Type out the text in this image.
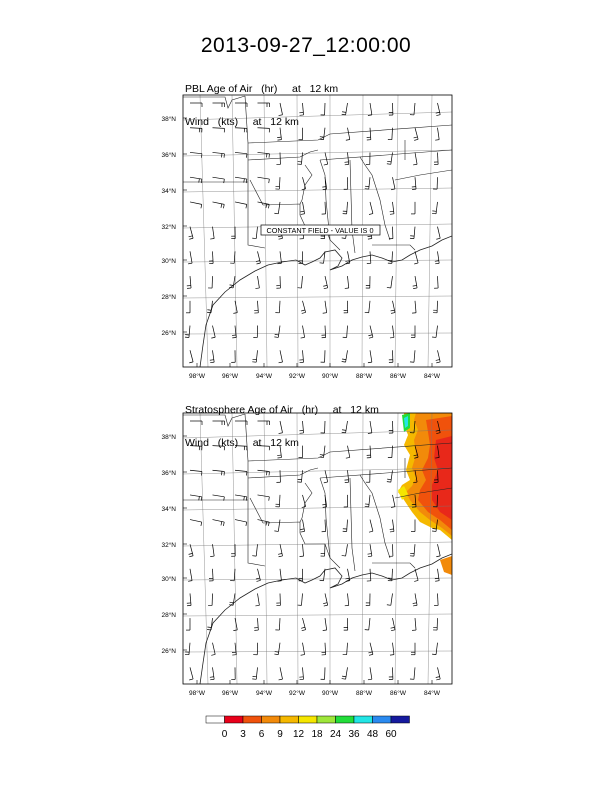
2013-09-27_12:00:00

PBL Age of Air (hr) at 12 km

Wind (kts) at 12 km

Stratosphere Age of Air (hr) at 12 km

Wind (kts) at 12 km

CONSTANT FIELD - VALUE IS 0
38°N
36°N
34°N
32°N
30°N
28°N
26°N
98°W	96°W	94°W	92°W	90°W	88°W	86°W	84°W
38°N
36°N
34°N
32°N
30°N
28°N
26°N
98°W	96°W	94°W	92°W	90°W	88°W	86°W	84°W
0 3 6 9 12 18 24 36 48 60
